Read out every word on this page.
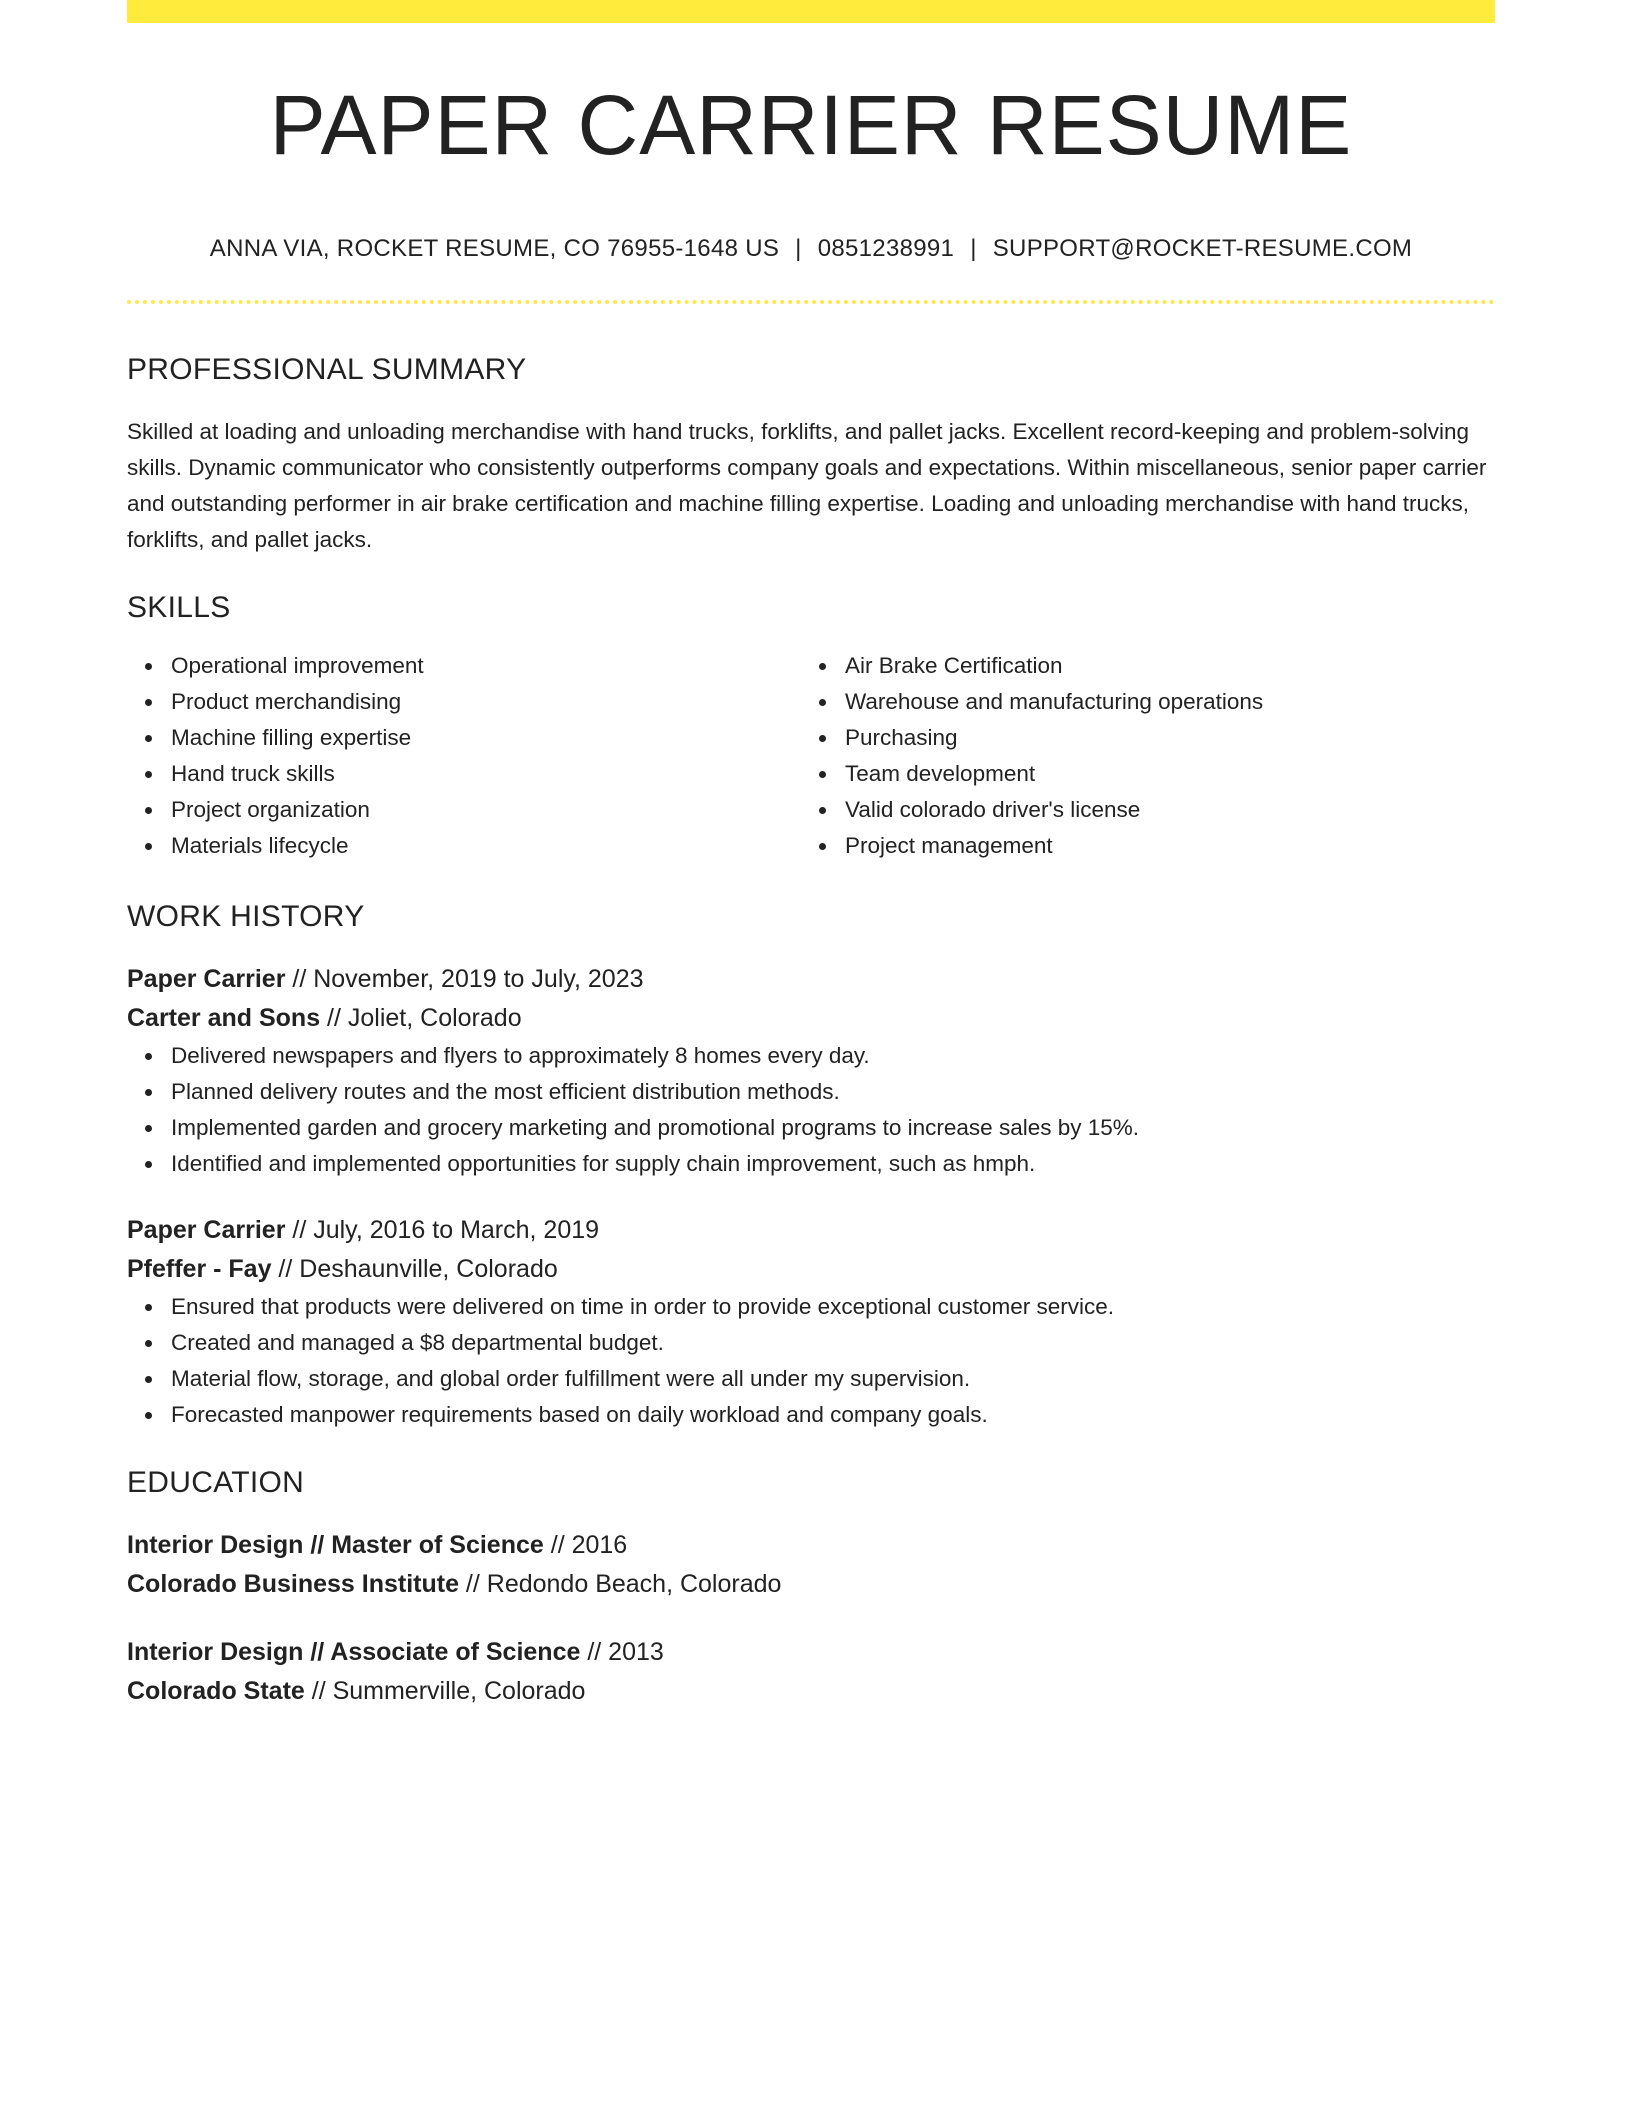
PAPER CARRIER RESUME
ANNA VIA, ROCKET RESUME, CO 76955-1648 US | 0851238991 | SUPPORT@ROCKET-RESUME.COM
PROFESSIONAL SUMMARY

Skilled at loading and unloading merchandise with hand trucks, forklifts, and pallet jacks. Excellent record-keeping and problem-solving skills. Dynamic communicator who consistently outperforms company goals and expectations. Within miscellaneous, senior paper carrier and outstanding performer in air brake certification and machine filling expertise. Loading and unloading merchandise with hand trucks, forklifts, and pallet jacks.

SKILLS
Operational improvement
Product merchandising
Machine filling expertise
Hand truck skills
Project organization
Materials lifecycle
Air Brake Certification
Warehouse and manufacturing operations
Purchasing
Team development
Valid colorado driver's license
Project management
WORK HISTORY
Paper Carrier // November, 2019 to July, 2023
Carter and Sons // Joliet, Colorado
Delivered newspapers and flyers to approximately 8 homes every day.
Planned delivery routes and the most efficient distribution methods.
Implemented garden and grocery marketing and promotional programs to increase sales by 15%.
Identified and implemented opportunities for supply chain improvement, such as hmph.
Paper Carrier // July, 2016 to March, 2019
Pfeffer - Fay // Deshaunville, Colorado
Ensured that products were delivered on time in order to provide exceptional customer service.
Created and managed a $8 departmental budget.
Material flow, storage, and global order fulfillment were all under my supervision.
Forecasted manpower requirements based on daily workload and company goals.
EDUCATION
Interior Design // Master of Science // 2016
Colorado Business Institute // Redondo Beach, Colorado
Interior Design // Associate of Science // 2013
Colorado State // Summerville, Colorado
